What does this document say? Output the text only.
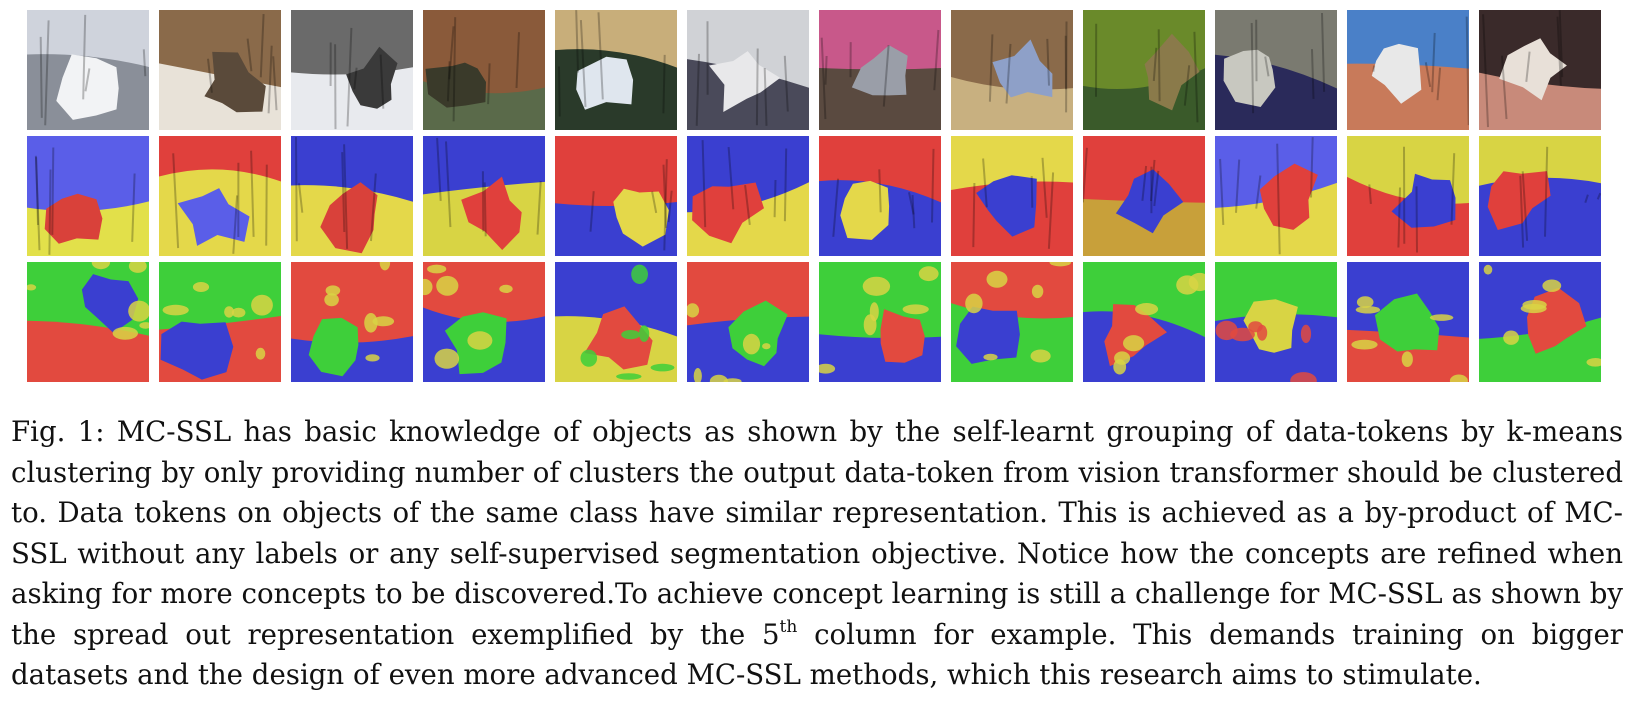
Fig. 1: MC-SSL has basic knowledge of objects as shown by the self-learnt grouping of data-tokens by k-means clustering by only providing number of clusters the output data-token from vision transformer should be clustered to. Data tokens on objects of the same class have similar representation. This is achieved as a by-product of MC-SSL without any labels or any self-supervised segmentation objective. Notice how the concepts are refined when asking for more concepts to be discovered.To achieve concept learning is still a challenge for MC-SSL as shown by the spread out representation exemplified by the 5th column for example. This demands training on bigger datasets and the design of even more advanced MC-SSL methods, which this research aims to stimulate.
